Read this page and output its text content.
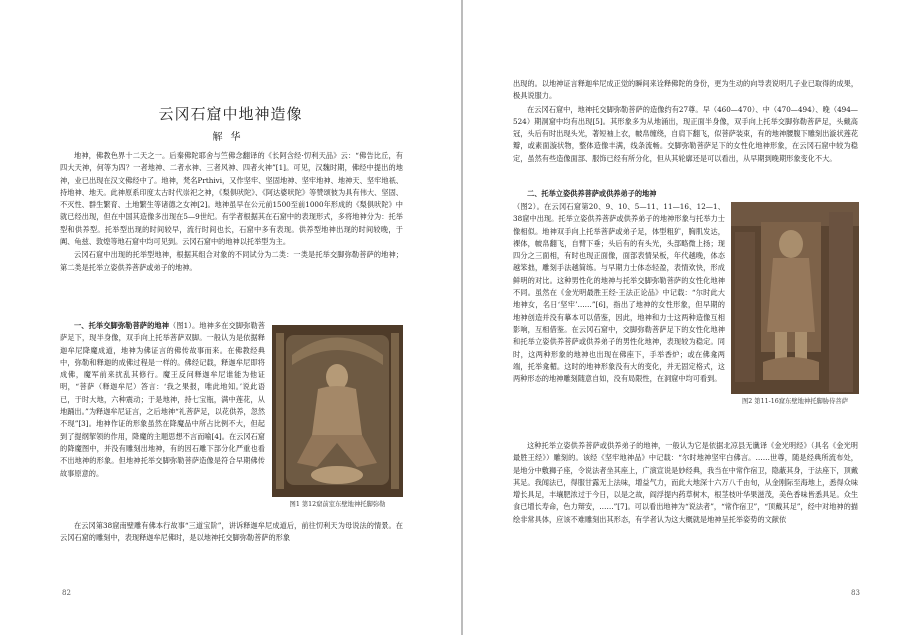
云冈石窟中地神造像
解华

地神，佛教色界十二天之一。后秦佛陀耶舍与竺佛念翻译的《长阿含经·忉利天品》云：“佛告比丘，有四大天神，何等为四？一者地神、二者水神、三者风神、四者火神”[1]。可见，汉魏时期，佛经中提出的地神，业已出现在汉文佛经中了。地神，梵名Prthivi，又作坚牢、坚固地神、坚牢地神、地神天、坚牢地祇、持地神、地天。此神原系印度太古时代崇祀之神，《梨俱吠陀》、《阿达婆吠陀》等赞颂彼为具有伟大、坚固、不灭性、群生繁育、土地繁生等诸德之女神[2]。地神虽早在公元前1500至前1000年形成的《梨俱吠陀》中就已经出现，但在中国其造像多出现在5—9世纪。有学者根据其在石窟中的表现形式，多将地神分为：托举型和供养型。托举型出现的时间较早，流行时间也长，石窟中多有表现。供养型地神出现的时间较晚，于阗、龟兹、敦煌等地石窟中均可见到。云冈石窟中的地神以托举型为主。

云冈石窟中出现的托举型地神，根据其组合对象的不同试分为二类：一类是托举交脚弥勒菩萨的地神；第二类是托举立姿供养菩萨或弟子的地神。

一、托举交脚弥勒菩萨的地神（图1）。地神多在交脚弥勒菩萨足下，现半身像，双手向上托举菩萨双脚。一般认为是依据释迦牟尼降魔成道，地神为佛证言的佛传故事而来。在佛教经典中，弥勒和释迦的成佛过程是一样的。佛经记载，释迦牟尼即将成佛，魔军前来扰乱其修行。魔王反问释迦牟尼谁能为他证明，“菩萨（释迦牟尼）答言：‘我之果报，唯此地知。’说此语已，于时大地，六种震动；于是地神，持七宝瓶，满中莲花，从地踊出。”为释迦牟尼证言，之后地神“礼菩萨足，以花供养，忽然不现”[3]。地神作证的形象虽然在降魔品中所占比例不大，但起到了提纲挈领的作用，降魔的主题思想不言而喻[4]。在云冈石窟的降魔图中，并没有雕刻出地神，有的因石雕下部分化严重也看不出地神的形象。但地神托举交脚弥勒菩萨造像是符合早期佛传故事原意的。

图1 第12窟前室东壁地神托脚弥勒

在云冈第38窟南壁雕有佛本行故事“三道宝阶”，讲诉释迦牟尼成道后，前往忉利天为母说法的情景。在云冈石窟的雕刻中，表现释迦牟尼佛时，是以地神托交脚弥勒菩萨的形象

82

出现的。以地神证言释迦牟尼成正觉的瞬间来诠释佛陀的身份，更为生动的向导表说明几子业已取得的成果，极具说服力。

在云冈石窟中，地神托交脚弥勒菩萨的造像约有27尊。早（460—470）、中（470—494）、晚（494—524）期洞窟中均有出现[5]。其形象多为从地涌出，现正面半身像，双手向上托举交脚弥勒菩萨足，头戴高冠，头后有时出现头光，著短袖上衣，帔帛缠绕，自肩下翻飞，似菩萨装束，有的地神腰腹下雕刻出漩状莲花瓣，或素面漩状物，整体造像丰满，线条流畅。交脚弥勒菩萨足下的女性化地神形象，在云冈石窟中较为稳定，虽然有些造像面部、服饰已经有所分化，但从其轮廓还是可以看出，从早期到晚期形象变化不大。

二、托举立姿供养菩萨或供养弟子的地神

（图2）。在云冈石窟第20、9、10、5—11、11—16、12—1、38窟中出现。托举立姿供养菩萨或供养弟子的地神形象与托举力士像相似。地神双手向上托举菩萨或弟子足，体型粗犷，胸肌发达，裸体，帔帛翻飞，自臂下垂；头后有的有头光，头部略微上扬；现四分之三面相，有时也现正面像，面部表情呆板，年代越晚，体态越笨拙，雕刻手法越简练。与早期力士体态轻盈，表情欢快，形成鲜明的对比。这种男性化的地神与托举交脚弥勒菩萨的女性化地神不同。虽然在《金光明最胜王经·王法正论品》中记载：“尔时此大地神女，名日‘坚牢’……”[6]，指出了地神的女性形象，但早期的地神创造并没有摹本可以借鉴，因此，地神和力士这两种造像互相影响，互相借鉴。在云冈石窟中，交脚弥勒菩萨足下的女性化地神和托举立姿供养菩萨或供养弟子的男性化地神，表现较为稳定。同时，这两种形象的地神也出现在佛座下，手举香炉；或在佛龛两端，托举龛楣。这时的地神形象没有大的变化，并无固定格式，这两种形态的地神雕刻随意自如，没有局限性，在洞窟中均可看到。

图2 第11-16窟东壁地神托脚胁侍菩萨

这种托举立姿供养菩萨或供养弟子的地神，一般认为它是依据北凉县无谶译《金光明经》（具名《金光明最胜王经》）雕刻的。该经《坚牢地神品》中记载：“尔时地神坚牢白佛言。……世尊，随是经典所流布处，是地分中敷狮子座，令说法者坐其座上，广演宣说是妙经典，我当在中常作宿卫，隐蔽其身，于法座下，顶戴其足。我闻法已，得服甘露无上法味，增益气力，而此大地深十六万八千由旬，从金刚际至海地上，悉得众味增长具足，丰壤肥浓过于今日，以是之故，阎浮提内药草树木，根茎枝叶华果滋茂，美色香味皆悉具足。众生食已增长寿命，色力辩安，……”[7]。可以看出地神为“说法者”，“常作宿卫”，“顶戴其足”，经中对地神的描绘非常具体，应该不难雕刻出其形态，有学者认为这大概就是地神呈托举姿势的文献依

83
